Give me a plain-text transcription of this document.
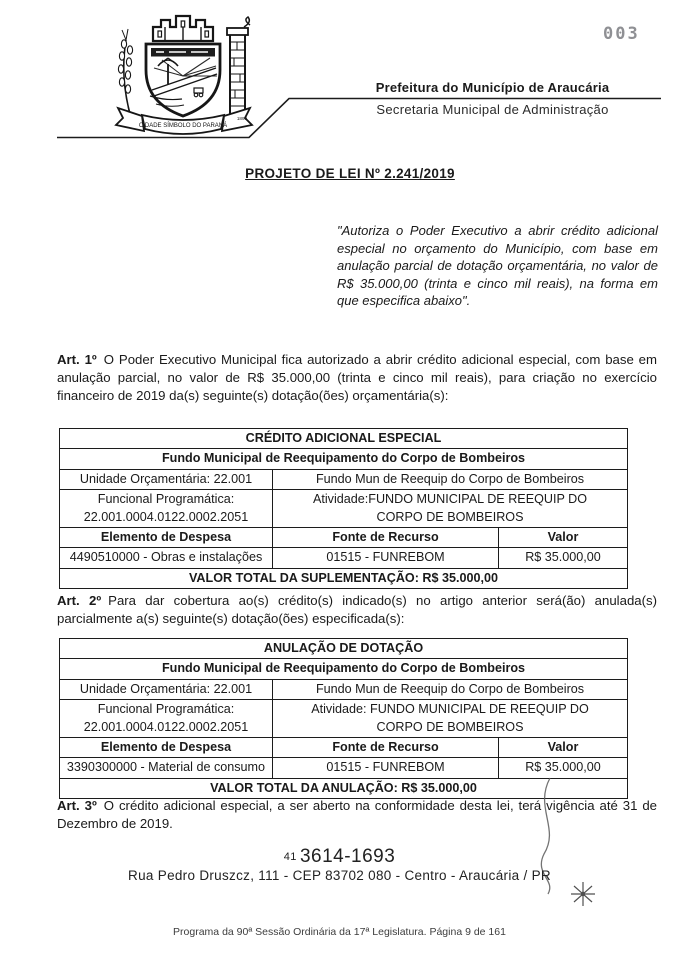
CIDADE SÍMBOLO DO PARANÁ
1890
003
Prefeitura do Município de Araucária
Secretaria Municipal de Administração
PROJETO DE LEI Nº 2.241/2019
"Autoriza o Poder Executivo a abrir crédito adicional especial no orçamento do Município, com base em anulação parcial de dotação orçamentária, no valor de R$ 35.000,00 (trinta e cinco mil reais), na forma em que especifica abaixo".

Art. 1º O Poder Executivo Municipal fica autorizado a abrir crédito adicional especial, com base em anulação parcial, no valor de R$ 35.000,00 (trinta e cinco mil reais), para criação no exercício financeiro de 2019 da(s) seguinte(s) dotação(ões) orçamentária(s):

CRÉDITO ADICIONAL ESPECIAL		
Fundo Municipal de Reequipamento do Corpo de Bombeiros		
Unidade Orçamentária: 22.001	Fundo Mun de Reequip do Corpo de Bombeiros	
Funcional Programática:
22.001.0004.0122.0002.2051	Atividade:FUNDO MUNICIPAL DE REEQUIP DO
CORPO DE BOMBEIROS	
Elemento de Despesa	Fonte de Recurso	Valor
4490510000 - Obras e instalações	01515 - FUNREBOM	R$ 35.000,00
VALOR TOTAL DA SUPLEMENTAÇÃO: R$ 35.000,00		

Art. 2º Para dar cobertura ao(s) crédito(s) indicado(s) no artigo anterior será(ão) anulada(s) parcialmente a(s) seguinte(s) dotação(ões) especificada(s):

ANULAÇÃO DE DOTAÇÃO		
Fundo Municipal de Reequipamento do Corpo de Bombeiros		
Unidade Orçamentária: 22.001	Fundo Mun de Reequip do Corpo de Bombeiros	
Funcional Programática:
22.001.0004.0122.0002.2051	Atividade: FUNDO MUNICIPAL DE REEQUIP DO
CORPO DE BOMBEIROS	
Elemento de Despesa	Fonte de Recurso	Valor
3390300000 - Material de consumo	01515 - FUNREBOM	R$ 35.000,00
VALOR TOTAL DA ANULAÇÃO: R$ 35.000,00		

Art. 3º O crédito adicional especial, a ser aberto na conformidade desta lei, terá vigência até 31 de Dezembro de 2019.

41 3614-1693
Rua Pedro Druszcz, 111 - CEP 83702 080 - Centro - Araucária / PR
Programa da 90ª Sessão Ordinária da 17ª Legislatura. Página 9 de 161
